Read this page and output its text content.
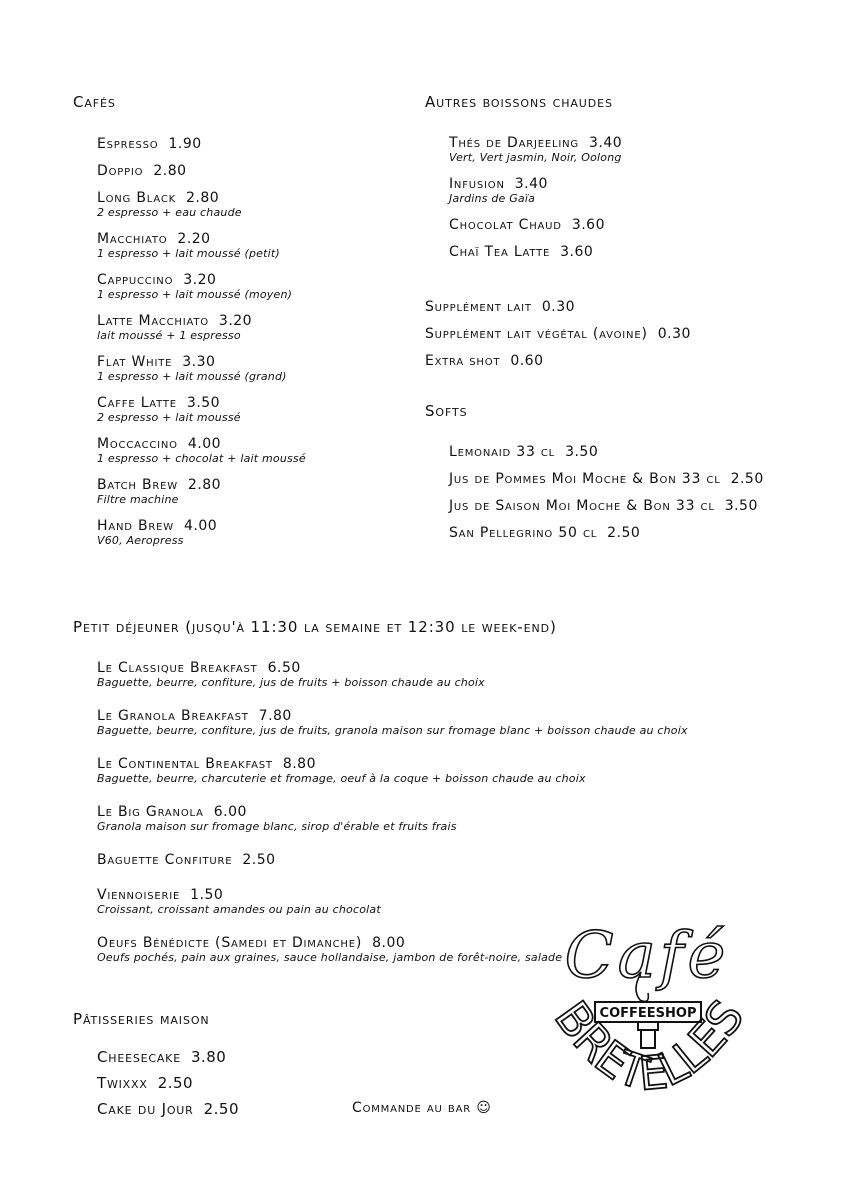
Cafés
Espresso 1.90
Doppio 2.80
Long Black 2.80
2 espresso + eau chaude
Macchiato 2.20
1 espresso + lait moussé (petit)
Cappuccino 3.20
1 espresso + lait moussé (moyen)
Latte Macchiato 3.20
lait moussé + 1 espresso
Flat White 3.30
1 espresso + lait moussé (grand)
Caffe Latte 3.50
2 espresso + lait moussé
Moccaccino 4.00
1 espresso + chocolat + lait moussé
Batch Brew 2.80
Filtre machine
Hand Brew 4.00
V60, Aeropress
Autres boissons chaudes
Thés de Darjeeling 3.40
Vert, Vert jasmin, Noir, Oolong
Infusion 3.40
Jardins de Gaïa
Chocolat Chaud 3.60
Chaï Tea Latte 3.60
Supplément lait 0.30
Supplément lait végétal (avoine) 0.30
Extra shot 0.60
Softs
Lemonaid 33 cl 3.50
Jus de Pommes Moi Moche & Bon 33 cl 2.50
Jus de Saison Moi Moche & Bon 33 cl 3.50
San Pellegrino 50 cl 2.50
Petit déjeuner (jusqu'à 11:30 la semaine et 12:30 le week-end)
Le Classique Breakfast 6.50
Baguette, beurre, confiture, jus de fruits + boisson chaude au choix
Le Granola Breakfast 7.80
Baguette, beurre, confiture, jus de fruits, granola maison sur fromage blanc + boisson chaude au choix
Le Continental Breakfast 8.80
Baguette, beurre, charcuterie et fromage, oeuf à la coque + boisson chaude au choix
Le Big Granola 6.00
Granola maison sur fromage blanc, sirop d'érable et fruits frais
Baguette Confiture 2.50
Viennoiserie 1.50
Croissant, croissant amandes ou pain au chocolat
Oeufs Bénédicte (Samedi et Dimanche) 8.00
Oeufs pochés, pain aux graines, sauce hollandaise, jambon de forêt-noire, salade
Pâtisseries maison
Cheesecake 3.80
Twixxx 2.50
Cake du Jour 2.50	Commande au bar ☺
Café
COFFEESHOP
BRETELLES
